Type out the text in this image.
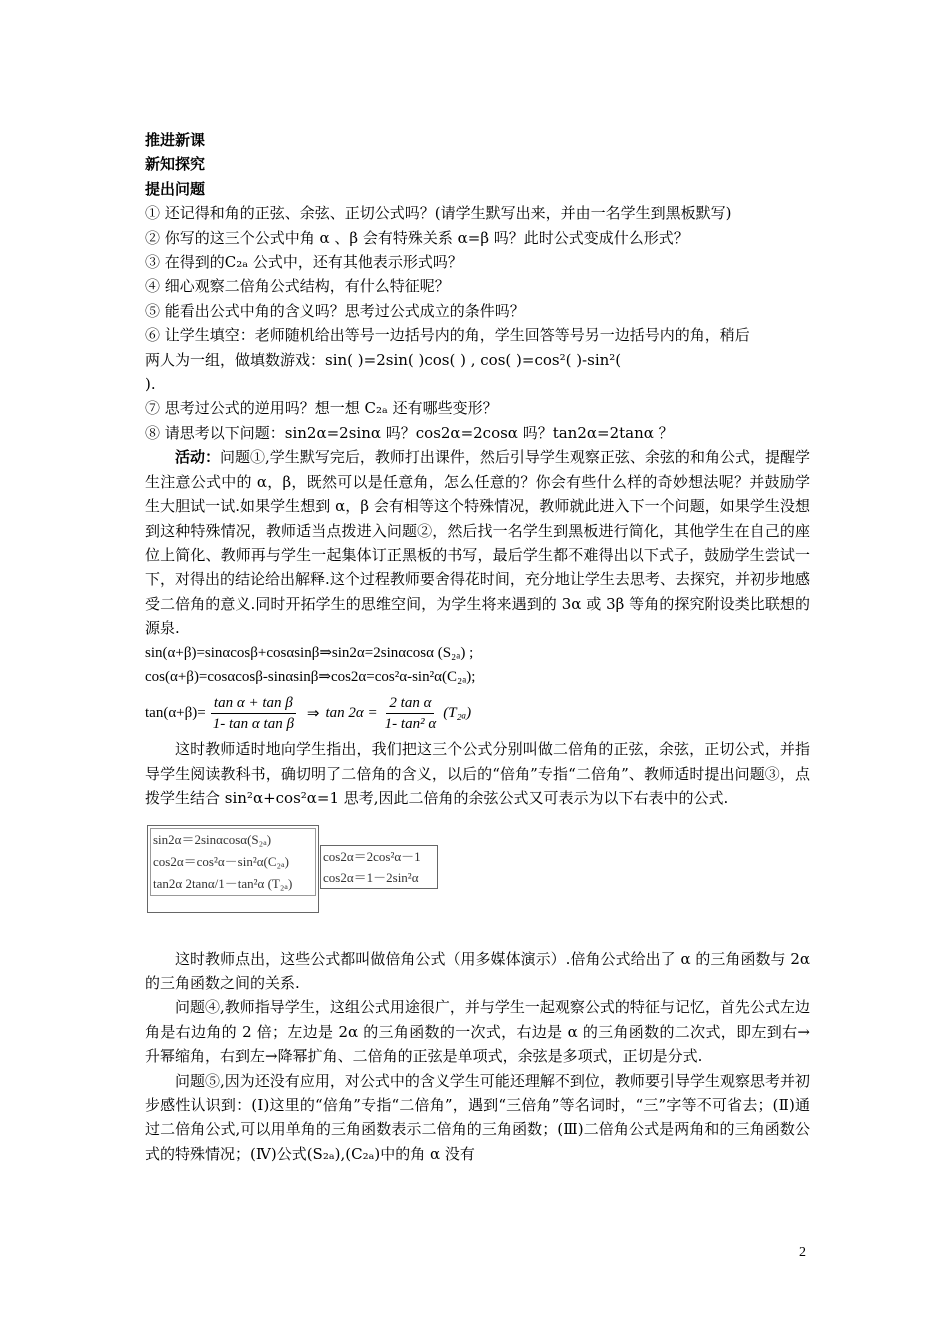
推进新课
新知探究
提出问题
① 还记得和角的正弦、余弦、正切公式吗？(请学生默写出来，并由一名学生到黑板默写)
② 你写的这三个公式中角 α 、β 会有特殊关系 α=β 吗？此时公式变成什么形式？
③ 在得到的C₂ₐ 公式中，还有其他表示形式吗？
④ 细心观察二倍角公式结构，有什么特征呢？
⑤ 能看出公式中角的含义吗？思考过公式成立的条件吗？
⑥ 让学生填空：老师随机给出等号一边括号内的角，学生回答等号另一边括号内的角，稍后
两人为一组，做填数游戏：sin( )=2sin( )cos( ) , cos( )=cos²( )-sin²(
).
⑦ 思考过公式的逆用吗？想一想 C₂ₐ 还有哪些变形？
⑧ 请思考以下问题：sin2α=2sinα 吗？cos2α=2cosα 吗？tan2α=2tanα ？

活动：问题①,学生默写完后，教师打出课件，然后引导学生观察正弦、余弦的和角公式，提醒学生注意公式中的 α，β，既然可以是任意角，怎么任意的？你会有些什么样的奇妙想法呢？并鼓励学生大胆试一试.如果学生想到 α，β 会有相等这个特殊情况，教师就此进入下一个问题，如果学生没想到这种特殊情况，教师适当点拨进入问题②，然后找一名学生到黑板进行简化，其他学生在自己的座位上简化、教师再与学生一起集体订正黑板的书写，最后学生都不难得出以下式子，鼓励学生尝试一下，对得出的结论给出解释.这个过程教师要舍得花时间，充分地让学生去思考、去探究，并初步地感受二倍角的意义.同时开拓学生的思维空间，为学生将来遇到的 3α 或 3β 等角的探究附设类比联想的源泉.

sin(α+β)=sinαcosβ+cosαsinβ⇒sin2α=2sinαcosα (S₂ₐ) ;
cos(α+β)=cosαcosβ-sinαsinβ⇒cos2α=cos²α-sin²α(C₂ₐ);
$\tan(\alpha+\beta)= \frac{\text{tan α + tan β}}{\text{1- tan α tan β}}$ ⇒ $\tan 2\alpha = \frac{\text{2 tan α}}{\text{1- tan² α}} (T_{2a})$

这时教师适时地向学生指出，我们把这三个公式分别叫做二倍角的正弦，余弦，正切公式，并指导学生阅读教科书，确切明了二倍角的含义，以后的“倍角”专指“二倍角”、教师适时提出问题③，点拨学生结合 sin²α+cos²α=1 思考,因此二倍角的余弦公式又可表示为以下右表中的公式.

sin2α＝2sinαcosα(S₂ₐ)
cos2α＝cos²α－sin²α(C₂ₐ)
tan2α 2tanα/1－tan²α (T₂ₐ)
cos2α＝2cos²α－1
cos2α＝1－2sin²α

这时教师点出，这些公式都叫做倍角公式（用多媒体演示）.倍角公式给出了 α 的三角函数与 2α 的三角函数之间的关系.

问题④,教师指导学生，这组公式用途很广，并与学生一起观察公式的特征与记忆，首先公式左边角是右边角的 2 倍；左边是 2α 的三角函数的一次式，右边是 α 的三角函数的二次式，即左到右→升幂缩角，右到左→降幂扩角、二倍角的正弦是单项式，余弦是多项式，正切是分式.

问题⑤,因为还没有应用，对公式中的含义学生可能还理解不到位，教师要引导学生观察思考并初步感性认识到：(Ⅰ)这里的“倍角”专指“二倍角”，遇到“三倍角”等名词时，“三”字等不可省去；(Ⅱ)通过二倍角公式,可以用单角的三角函数表示二倍角的三角函数；(Ⅲ)二倍角公式是两角和的三角函数公式的特殊情况；(Ⅳ)公式(S₂ₐ),(C₂ₐ)中的角 α 没有

2
